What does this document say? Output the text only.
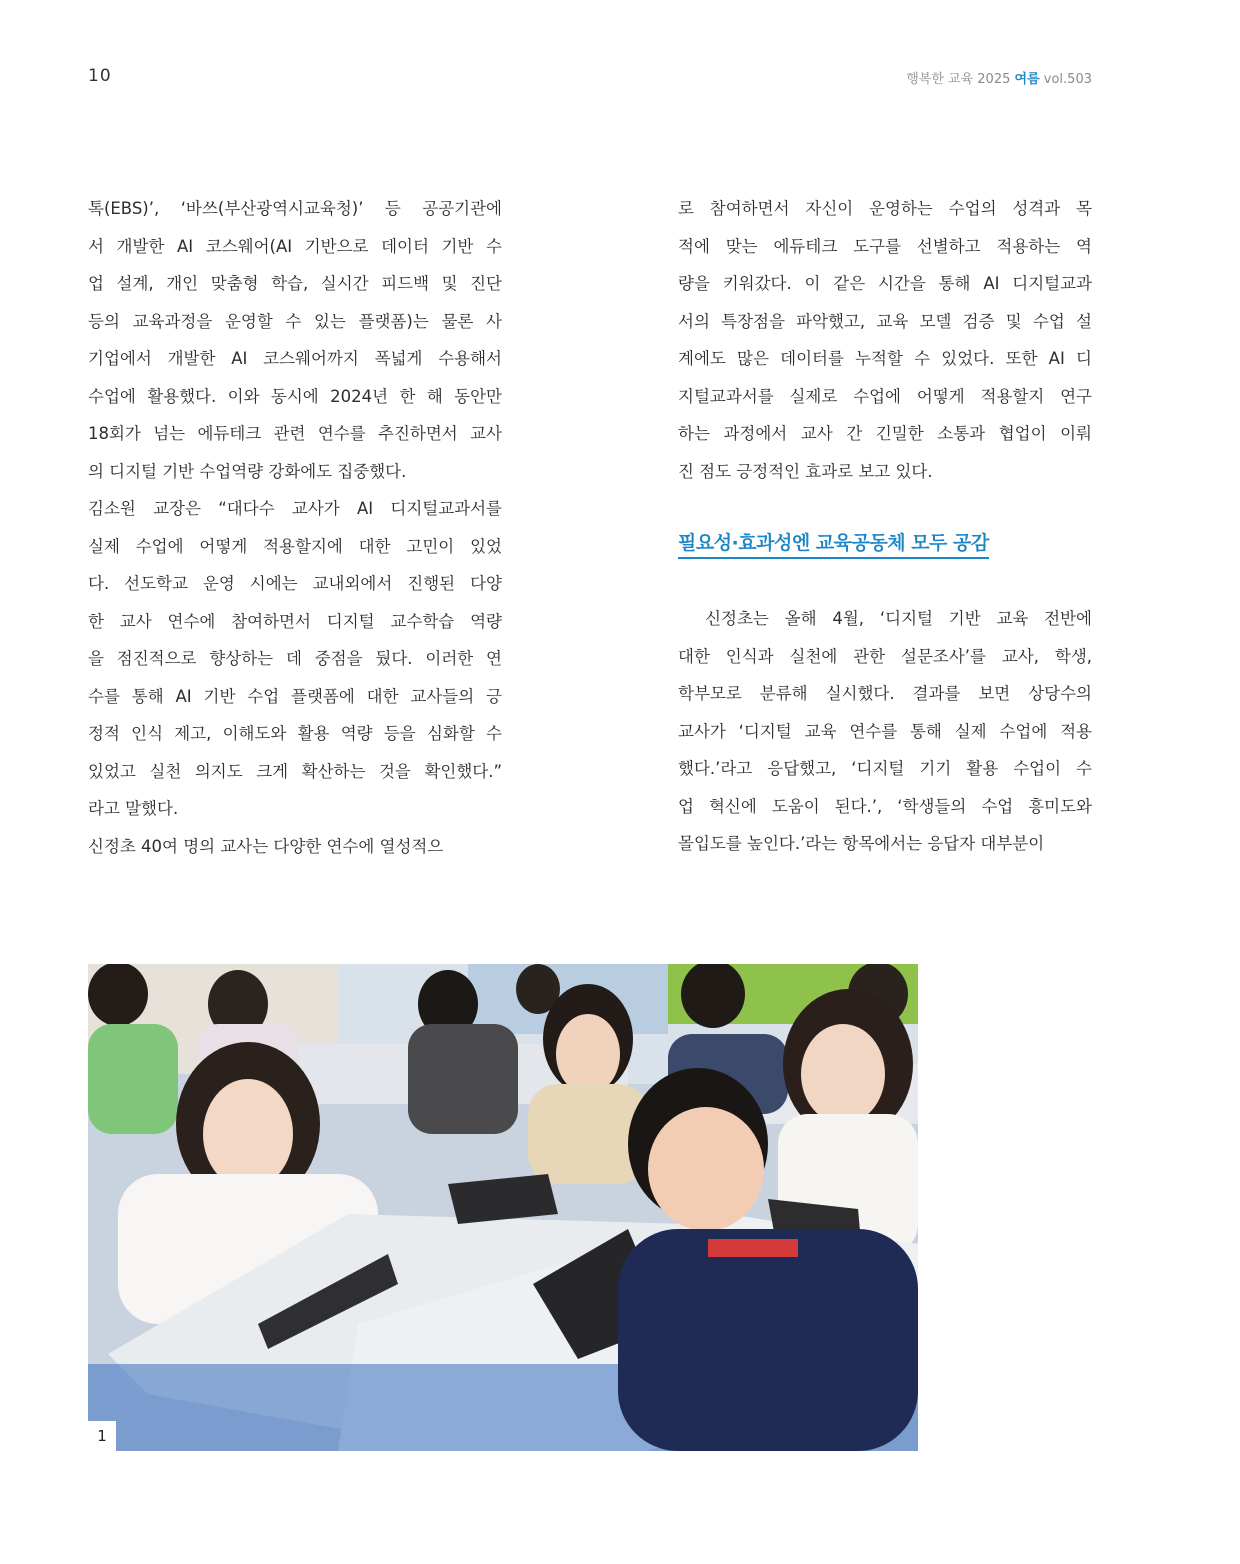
10	행복한 교육 2025 여름 vol.503
톡(EBS)’, ‘바쓰(부산광역시교육청)’ 등 공공기관에
서 개발한 AI 코스웨어(AI 기반으로 데이터 기반 수
업 설계, 개인 맞춤형 학습, 실시간 피드백 및 진단
등의 교육과정을 운영할 수 있는 플랫폼)는 물론 사
기업에서 개발한 AI 코스웨어까지 폭넓게 수용해서
수업에 활용했다. 이와 동시에 2024년 한 해 동안만
18회가 넘는 에듀테크 관련 연수를 추진하면서 교사
의 디지털 기반 수업역량 강화에도 집중했다.
김소원 교장은 “대다수 교사가 AI 디지털교과서를
실제 수업에 어떻게 적용할지에 대한 고민이 있었
다. 선도학교 운영 시에는 교내외에서 진행된 다양
한 교사 연수에 참여하면서 디지털 교수학습 역량
을 점진적으로 향상하는 데 중점을 뒀다. 이러한 연
수를 통해 AI 기반 수업 플랫폼에 대한 교사들의 긍
정적 인식 제고, 이해도와 활용 역량 등을 심화할 수
있었고 실천 의지도 크게 확산하는 것을 확인했다.”
라고 말했다.
신정초 40여 명의 교사는 다양한 연수에 열성적으
로 참여하면서 자신이 운영하는 수업의 성격과 목
적에 맞는 에듀테크 도구를 선별하고 적용하는 역
량을 키워갔다. 이 같은 시간을 통해 AI 디지털교과
서의 특장점을 파악했고, 교육 모델 검증 및 수업 설
계에도 많은 데이터를 누적할 수 있었다. 또한 AI 디
지털교과서를 실제로 수업에 어떻게 적용할지 연구
하는 과정에서 교사 간 긴밀한 소통과 협업이 이뤄
진 점도 긍정적인 효과로 보고 있다.
필요성·효과성엔 교육공동체 모두 공감
　신정초는 올해 4월, ‘디지털 기반 교육 전반에
대한 인식과 실천에 관한 설문조사’를 교사, 학생,
학부모로 분류해 실시했다. 결과를 보면 상당수의
교사가 ‘디지털 교육 연수를 통해 실제 수업에 적용
했다.’라고 응답했고, ‘디지털 기기 활용 수업이 수
업 혁신에 도움이 된다.’, ‘학생들의 수업 흥미도와
몰입도를 높인다.’라는 항목에서는 응답자 대부분이
1
